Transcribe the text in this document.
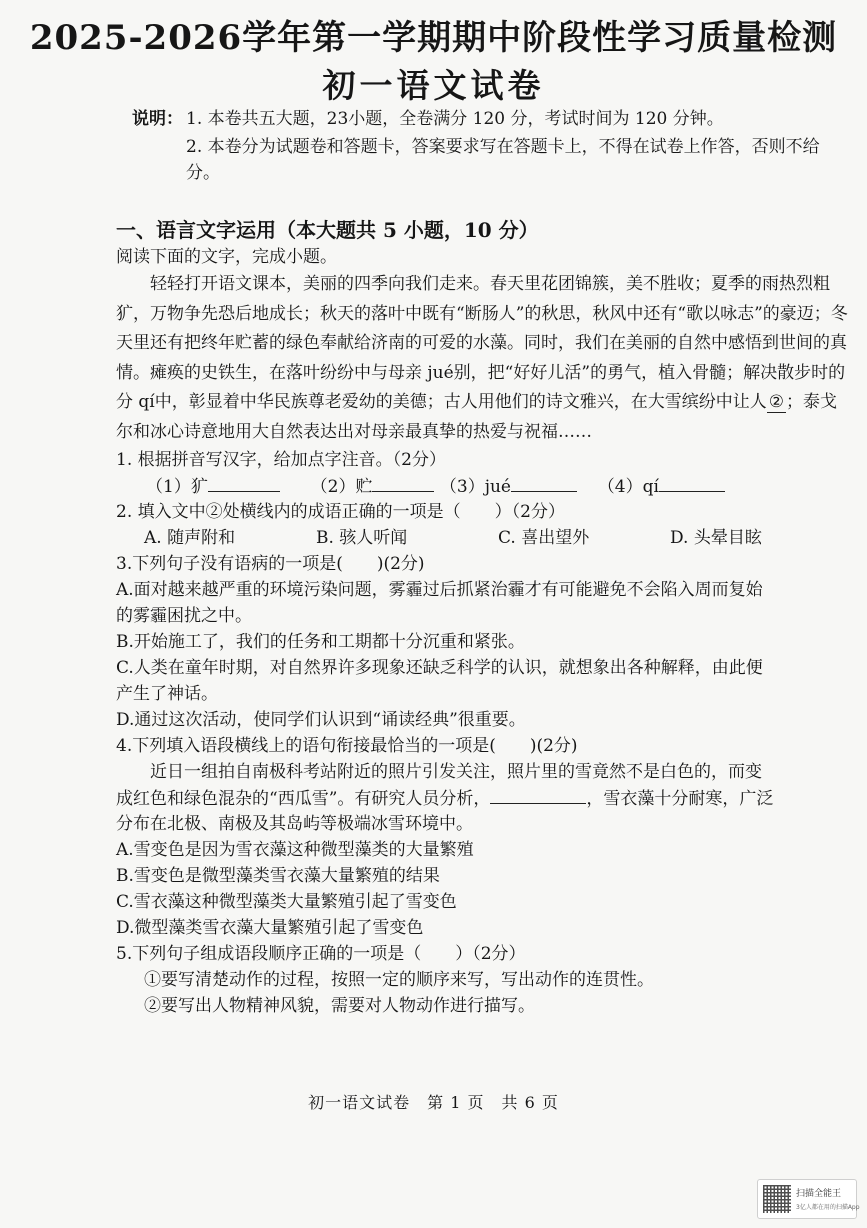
2025-2026学年第一学期期中阶段性学习质量检测
初一语文试卷
说明： 1. 本卷共五大题，23小题，全卷满分 120 分，考试时间为 120 分钟。
2. 本卷分为试题卷和答题卡，答案要求写在答题卡上，不得在试卷上作答，否则不给分。
一、语言文字运用（本大题共 5 小题，10 分）
阅读下面的文字，完成小题。

轻轻打开语文课本，美丽的四季向我们走来。春天里花团锦簇，美不胜收；夏季的雨热烈粗犷，万物争先恐后地成长；秋天的落叶中既有“断肠人”的秋思，秋风中还有“歌以咏志”的豪迈；冬天里还有把终年贮蓄的绿色奉献给济南的可爱的水藻。同时，我们在美丽的自然中感悟到世间的真情。瘫痪的史铁生，在落叶纷纷中与母亲 jué别，把“好好儿活”的勇气，植入骨髓；解决散步时的分 qí中，彰显着中华民族尊老爱幼的美德；古人用他们的诗文雅兴，在大雪缤纷中让人 ② ；泰戈尔和冰心诗意地用大自然表达出对母亲最真挚的热爱与祝福……

1. 根据拼音写汉字，给加点字注音。（2分）
（1）犷	（2）贮	（3）jué	（4）qí
2. 填入文中②处横线内的成语正确的一项是（　　）（2分）
A. 随声附和	B. 骇人听闻	C. 喜出望外	D. 头晕目眩
3.下列句子没有语病的一项是(　　)(2分)
A.面对越来越严重的环境污染问题，雾霾过后抓紧治霾才有可能避免不会陷入周而复始
的雾霾困扰之中。
B.开始施工了，我们的任务和工期都十分沉重和紧张。
C.人类在童年时期，对自然界许多现象还缺乏科学的认识，就想象出各种解释，由此便
产生了神话。
D.通过这次活动，使同学们认识到“诵读经典”很重要。
4.下列填入语段横线上的语句衔接最恰当的一项是(　　)(2分)
近日一组拍自南极科考站附近的照片引发关注，照片里的雪竟然不是白色的，而变
成红色和绿色混杂的“西瓜雪”。有研究人员分析，	，雪衣藻十分耐寒，广泛
分布在北极、南极及其岛屿等极端冰雪环境中。
A.雪变色是因为雪衣藻这种微型藻类的大量繁殖
B.雪变色是微型藻类雪衣藻大量繁殖的结果
C.雪衣藻这种微型藻类大量繁殖引起了雪变色
D.微型藻类雪衣藻大量繁殖引起了雪变色
5.下列句子组成语段顺序正确的一项是（　　）（2分）
①要写清楚动作的过程，按照一定的顺序来写，写出动作的连贯性。
②要写出人物精神风貌，需要对人物动作进行描写。
初一语文试卷　第 1 页　共 6 页
扫描全能王
3亿人都在用的扫描App
